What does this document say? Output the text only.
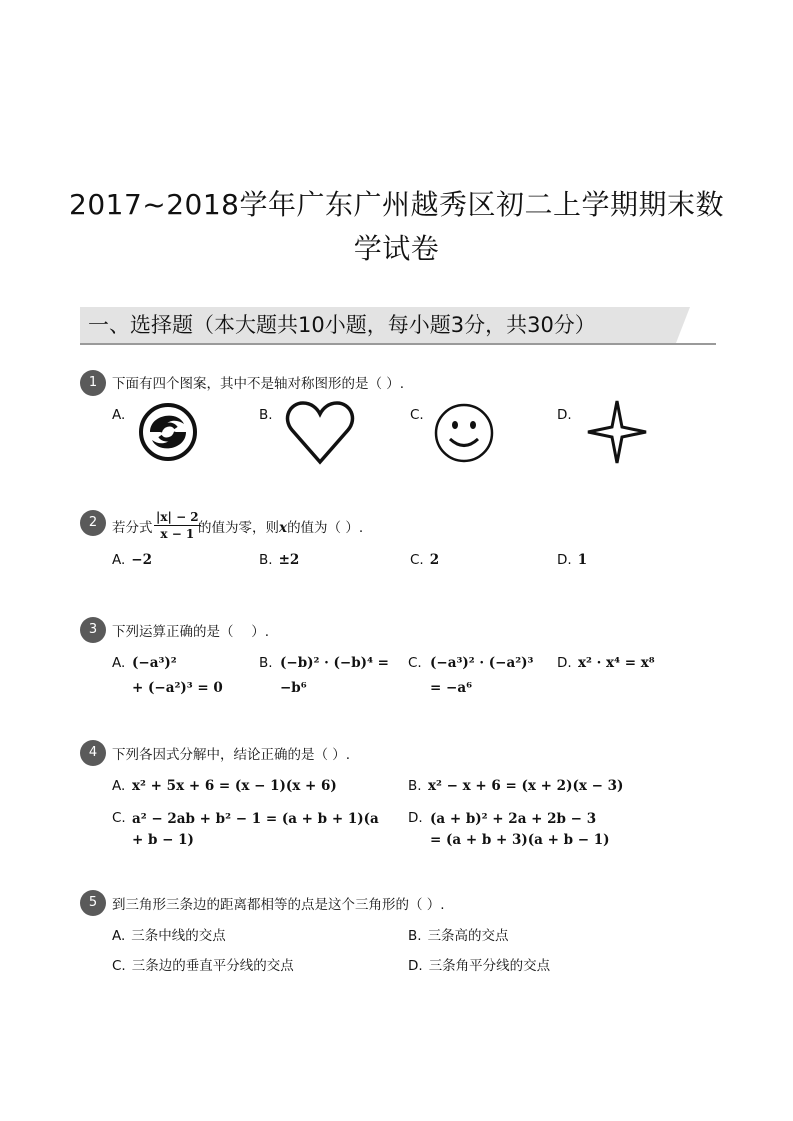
2017~2018学年广东广州越秀区初二上学期期末数
学试卷
一、选择题（本大题共10小题，每小题3分，共30分）
1	下面有四个图案，其中不是轴对称图形的是（ ）.
A.	B.	C.	D.
2	若分式 $\frac{|x| - 2}{x - 1}$
的值为零，则x的值为（ ）.
A. −2	B. ±2	C. 2	D. 1
3	下列运算正确的是（　 ）.
A. (−a³)²
+ (−a²)³ = 0
B. (−b)² · (−b)⁴ =
−b⁶
C. (−a³)² · (−a²)³
= −a⁶
D. x² · x⁴ = x⁸
4	下列各因式分解中，结论正确的是（ ）.
A. x² + 5x + 6 = (x − 1)(x + 6)	B. x² − x + 6 = (x + 2)(x − 3)
C. a² − 2ab + b² − 1 = (a + b + 1)(a
+ b − 1)
D. (a + b)² + 2a + 2b − 3
= (a + b + 3)(a + b − 1)
5	到三角形三条边的距离都相等的点是这个三角形的（ ）.
A. 三条中线的交点	B. 三条高的交点
C. 三条边的垂直平分线的交点	D. 三条角平分线的交点
